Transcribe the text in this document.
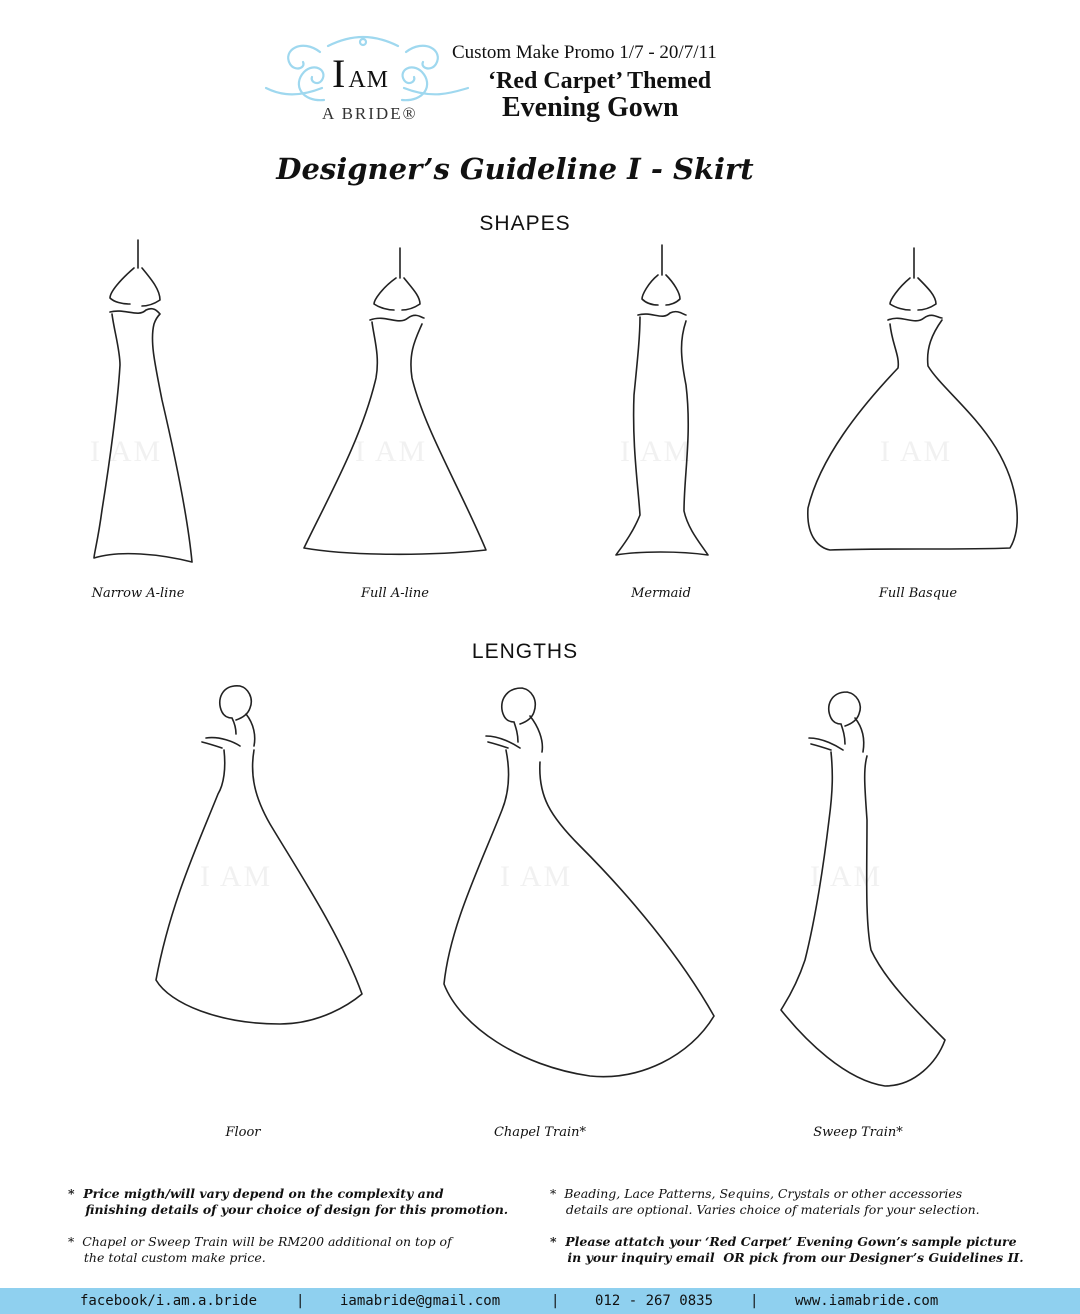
IAM
A BRIDE®
Custom Make Promo 1/7 - 20/7/11
‘Red Carpet’ Themed
Evening Gown
Designer’s Guideline I - Skirt
SHAPES
I AM	I AM	I AM	I AM
I AM	I AM	I AM
Narrow A-line	Full A-line	Mermaid	Full Basque
LENGTHS
Floor	Chapel Train*	Sweep Train*
*  Price migth/will vary depend on the complexity and
finishing details of your choice of design for this promotion.
*  Chapel or Sweep Train will be RM200 additional on top of
the total custom make price.
*  Beading, Lace Patterns, Sequins, Crystals or other accessories
details are optional. Varies choice of materials for your selection.
*  Please attatch your ‘Red Carpet’ Evening Gown’s sample picture
in your inquiry email  OR pick from our Designer’s Guidelines II.
facebook/i.am.a.bride	|	iamabride@gmail.com	|	012 - 267 0835	|	www.iamabride.com
